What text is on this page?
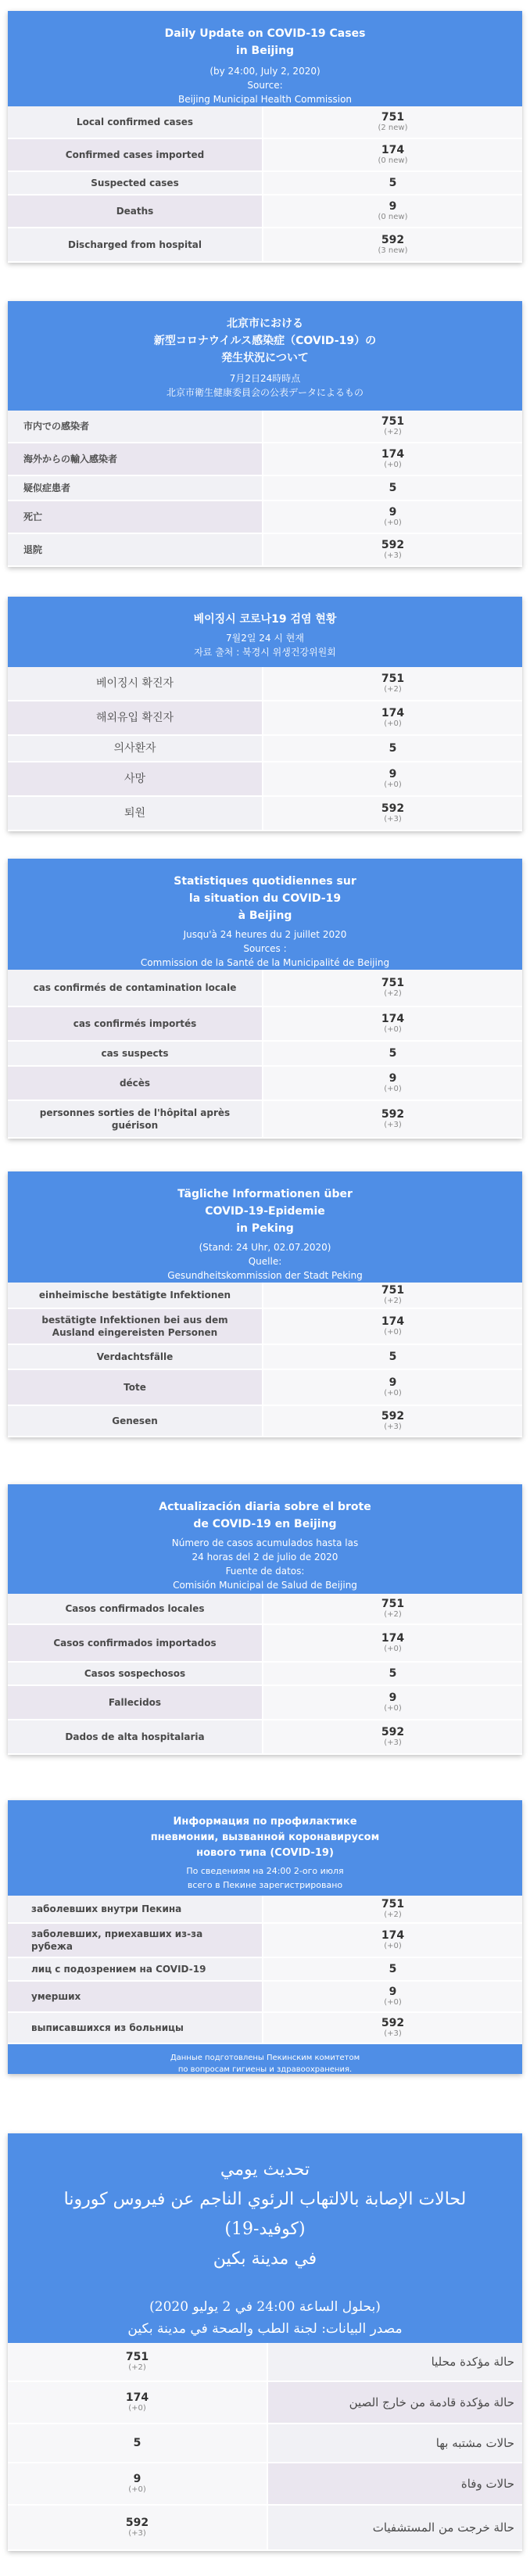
Daily Update on COVID-19 Cases

in Beijing

(by 24:00, July 2, 2020)

Source:

Beijing Municipal Health Commission

Local confirmed cases	751
(2 new)
Confirmed cases imported	174
(0 new)
Suspected cases	5
Deaths	9
(0 new)
Discharged from hospital	592
(3 new)

北京市における

新型コロナウイルス感染症（COVID-19）の

発生状況について

7月2日24時時点

北京市衛生健康委員会の公表データによるもの

市内での感染者	751
(+2)
海外からの輸入感染者	174
(+0)
疑似症患者	5
死亡	9
(+0)
退院	592
(+3)

베이징시 코로나19 검염 현황

7월2일 24 시 현재

자료 출처 : 북경시 위생건강위원회

베이징시 확진자	751
(+2)
해외유입 확진자	174
(+0)
의사환자	5
사망	9
(+0)
퇴원	592
(+3)

Statistiques quotidiennes sur

la situation du COVID-19

à Beijing

Jusqu'à 24 heures du 2 juillet 2020

Sources :

Commission de la Santé de la Municipalité de Beijing

cas confirmés de contamination locale	751
(+2)
cas confirmés importés	174
(+0)
cas suspects	5
décès	9
(+0)
personnes sorties de l'hôpital après guérison
592
(+3)

Tägliche Informationen über

COVID-19-Epidemie

in Peking

(Stand: 24 Uhr, 02.07.2020)

Quelle:

Gesundheitskommission der Stadt Peking

einheimische bestätigte Infektionen	751
(+2)
bestätigte Infektionen bei aus dem Ausland eingereisten Personen
174
(+0)
Verdachtsfälle	5
Tote	9
(+0)
Genesen	592
(+3)

Actualización diaria sobre el brote

de COVID-19 en Beijing

Número de casos acumulados hasta las

24 horas del 2 de julio de 2020

Fuente de datos:

Comisión Municipal de Salud de Beijing

Casos confirmados locales	751
(+2)
Casos confirmados importados	174
(+0)
Casos sospechosos	5
Fallecidos	9
(+0)
Dados de alta hospitalaria	592
(+3)

Информация по профилактике

пневмонии, вызванной коронавирусом

нового типа (COVID-19)

По сведениям на 24:00 2-ого июля

всего в Пекине зарегистрировано

заболевших внутри Пекина	751
(+2)
заболевших, приехавших из-за рубежа
174
(+0)
лиц с подозрением на COVID-19	5
умерших	9
(+0)
выписавшихся из больницы	592
(+3)
Данные подготовлены Пекинским комитетом
по вопросам гигиены и здравоохранения.

تحديث يومي

لحالات الإصابة بالالتهاب الرئوي الناجم عن فيروس كورونا (كوفيد-19)

في مدينة بكين

(بحلول الساعة 24:00 في 2 يوليو 2020)

مصدر البيانات: لجنة الطب والصحة في مدينة بكين

حالة مؤكدة محليا
751
(+2)
حالة مؤكدة قادمة من خارج الصين
174
(+0)
حالات مشتبه بها
5
حالات وفاة
9
(+0)
حالة خرجت من المستشفيات
592
(+3)
